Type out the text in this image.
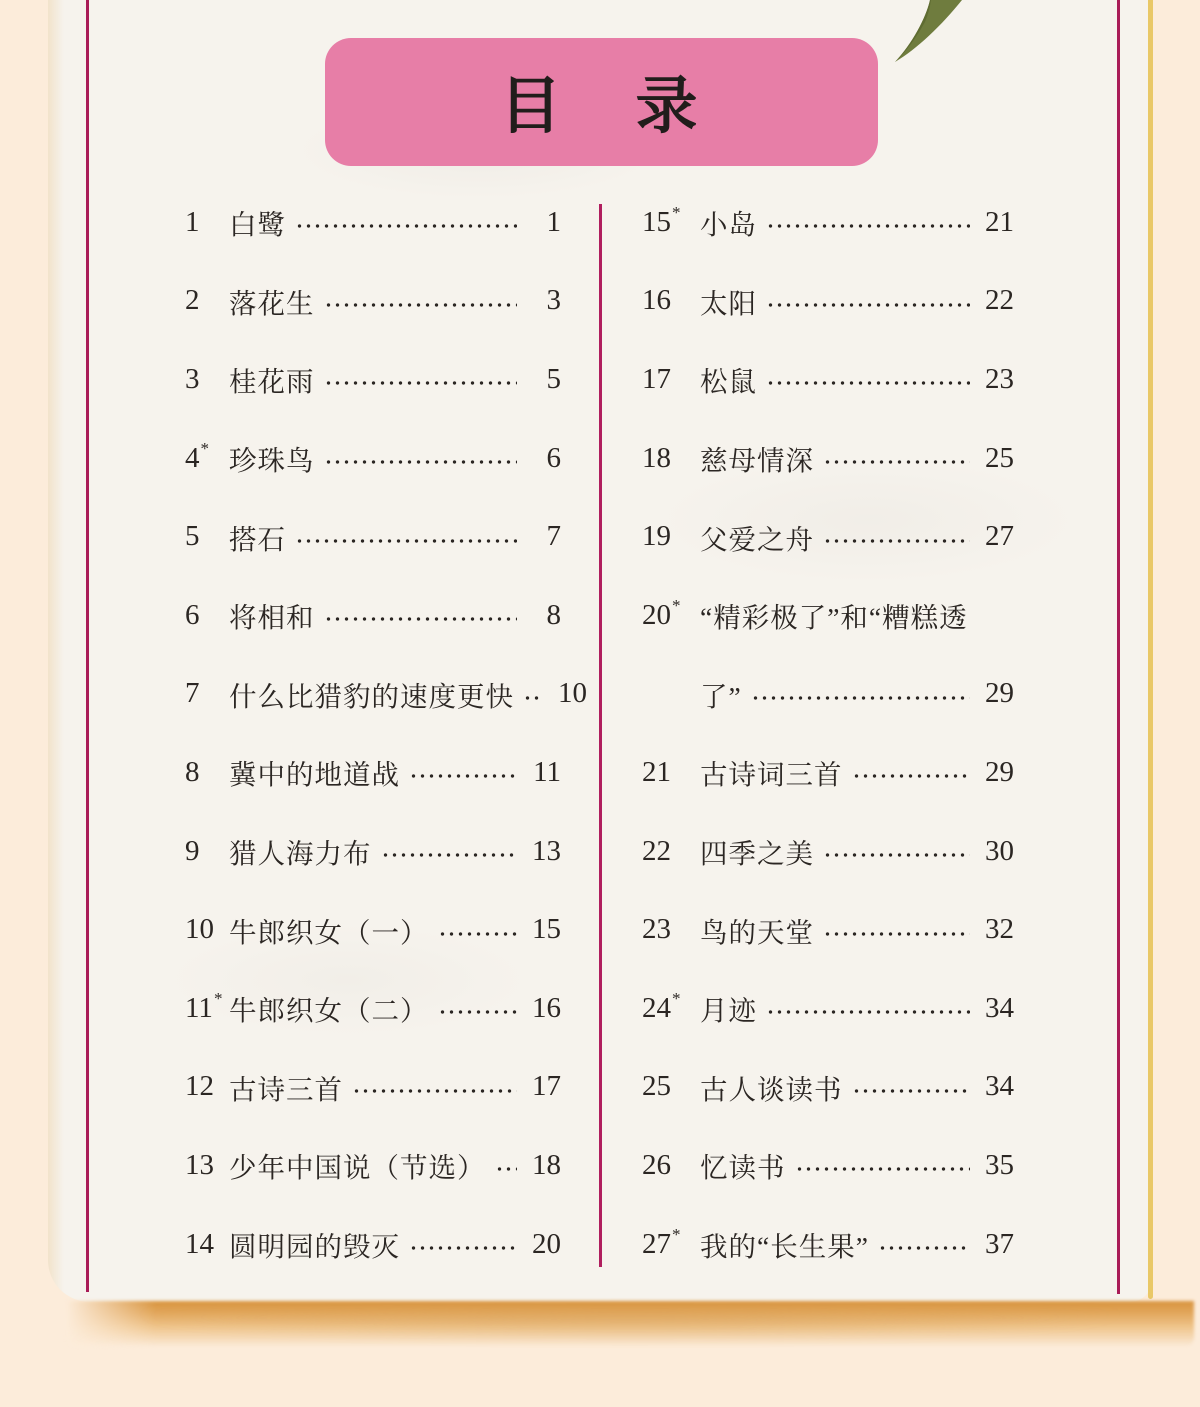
目　录
1	白鹭	1
2	落花生	3
3	桂花雨	5
4* 珍珠鸟	6
5	搭石	7
6	将相和	8
7	什么比猎豹的速度更快 10
8	冀中的地道战	11
9	猎人海力布	13
10 牛郎织女（一）	15
11* 牛郎织女（二）	16
12 古诗三首	17
13 少年中国说（节选） 18
14 圆明园的毁灭	20
15* 小岛	21
16	太阳	22
17	松鼠	23
18	慈母情深	25
19	父爱之舟	27
20* “精彩极了”和“糟糕透
了”	29
21	古诗词三首	29
22	四季之美	30
23	鸟的天堂	32
24* 月迹	34
25	古人谈读书	34
26	忆读书	35
27* 我的“长生果”	37
